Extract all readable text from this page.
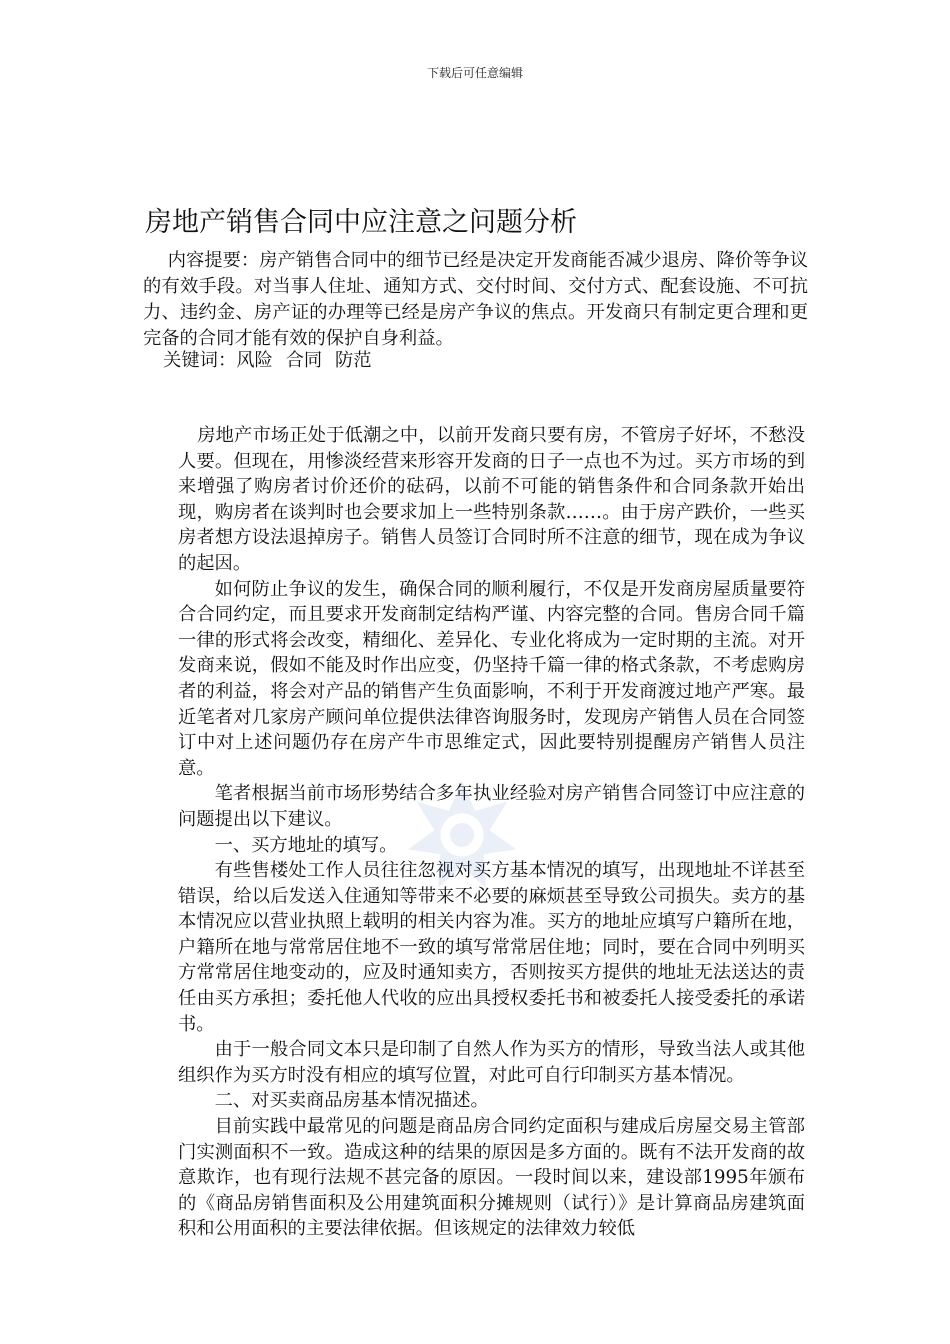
下载后可任意编辑
房地产销售合同中应注意之问题分析

内容提要：房产销售合同中的细节已经是决定开发商能否减少退房、降价等争议的有效手段。对当事人住址、通知方式、交付时间、交付方式、配套设施、不可抗力、违约金、房产证的办理等已经是房产争议的焦点。开发商只有制定更合理和更完备的合同才能有效的保护自身利益。

关键词：风险 合同 防范

房地产市场正处于低潮之中，以前开发商只要有房，不管房子好坏，不愁没人要。但现在，用惨淡经营来形容开发商的日子一点也不为过。买方市场的到来增强了购房者讨价还价的砝码，以前不可能的销售条件和合同条款开始出现，购房者在谈判时也会要求加上一些特别条款……。由于房产跌价，一些买房者想方设法退掉房子。销售人员签订合同时所不注意的细节，现在成为争议的起因。

如何防止争议的发生，确保合同的顺利履行，不仅是开发商房屋质量要符合合同约定，而且要求开发商制定结构严谨、内容完整的合同。售房合同千篇一律的形式将会改变，精细化、差异化、专业化将成为一定时期的主流。对开发商来说，假如不能及时作出应变，仍坚持千篇一律的格式条款，不考虑购房者的利益，将会对产品的销售产生负面影响，不利于开发商渡过地产严寒。最近笔者对几家房产顾问单位提供法律咨询服务时，发现房产销售人员在合同签订中对上述问题仍存在房产牛市思维定式，因此要特别提醒房产销售人员注意。

笔者根据当前市场形势结合多年执业经验对房产销售合同签订中应注意的问题提出以下建议。

一、买方地址的填写。

有些售楼处工作人员往往忽视对买方基本情况的填写，出现地址不详甚至错误，给以后发送入住通知等带来不必要的麻烦甚至导致公司损失。卖方的基本情况应以营业执照上载明的相关内容为准。买方的地址应填写户籍所在地，户籍所在地与常常居住地不一致的填写常常居住地；同时，要在合同中列明买方常常居住地变动的，应及时通知卖方，否则按买方提供的地址无法送达的责任由买方承担；委托他人代收的应出具授权委托书和被委托人接受委托的承诺书。

由于一般合同文本只是印制了自然人作为买方的情形，导致当法人或其他组织作为买方时没有相应的填写位置，对此可自行印制买方基本情况。

二、对买卖商品房基本情况描述。

目前实践中最常见的问题是商品房合同约定面积与建成后房屋交易主管部门实测面积不一致。造成这种的结果的原因是多方面的。既有不法开发商的故意欺诈，也有现行法规不甚完备的原因。一段时间以来，建设部1995年颁布的《商品房销售面积及公用建筑面积分摊规则（试行）》是计算商品房建筑面积和公用面积的主要法律依据。但该规定的法律效力较低
